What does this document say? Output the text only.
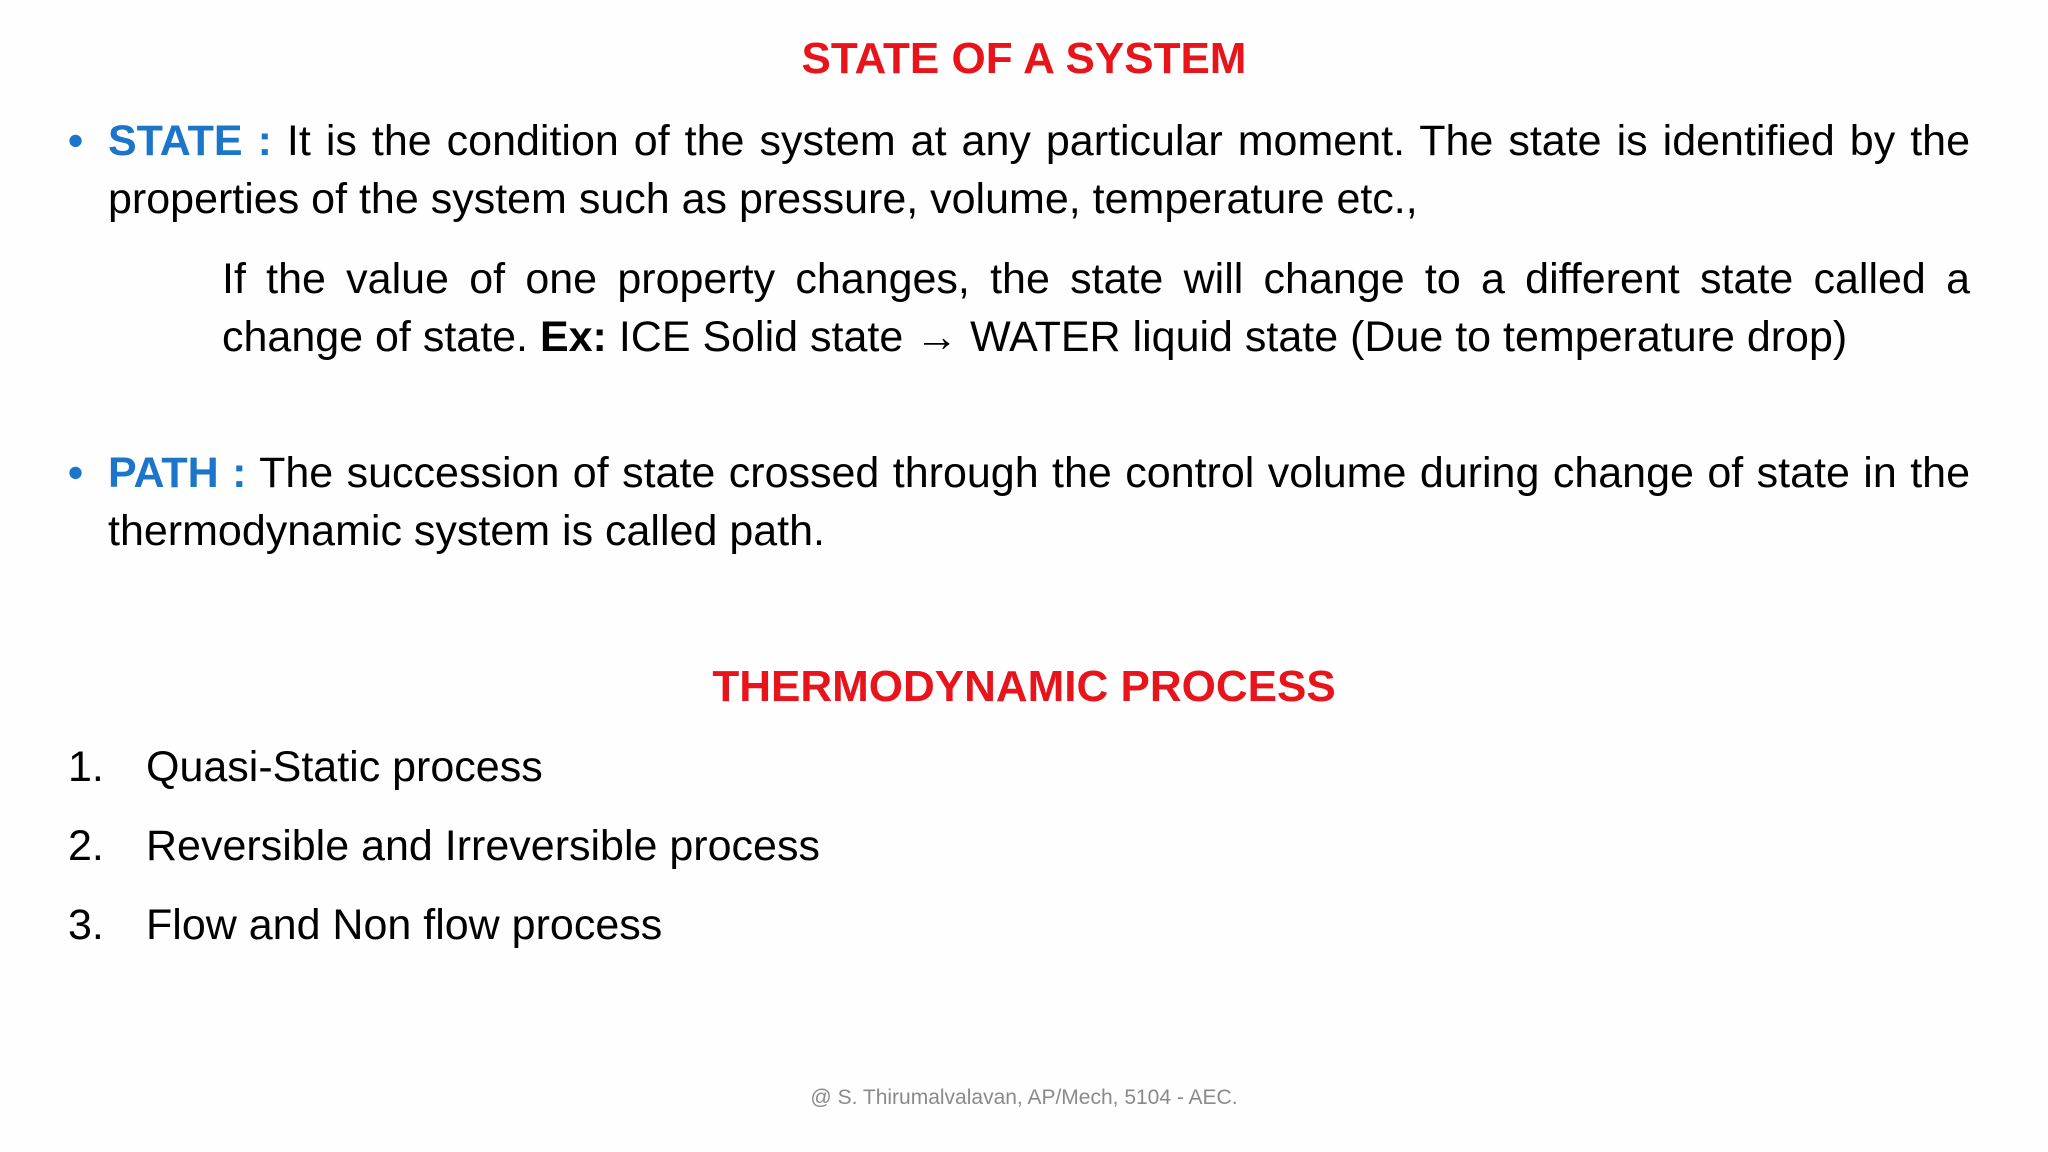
STATE OF A SYSTEM
• STATE : It is the condition of the system at any particular moment. The state is identified by the properties of the system such as pressure, volume, temperature etc.,
If the value of one property changes, the state will change to a different state called a change of state. Ex: ICE Solid state → WATER liquid state (Due to temperature drop)
• PATH : The succession of state crossed through the control volume during change of state in the thermodynamic system is called path.
THERMODYNAMIC PROCESS
1. Quasi-Static process
2. Reversible and Irreversible process
3. Flow and Non flow process
@ S. Thirumalvalavan, AP/Mech, 5104 - AEC.
